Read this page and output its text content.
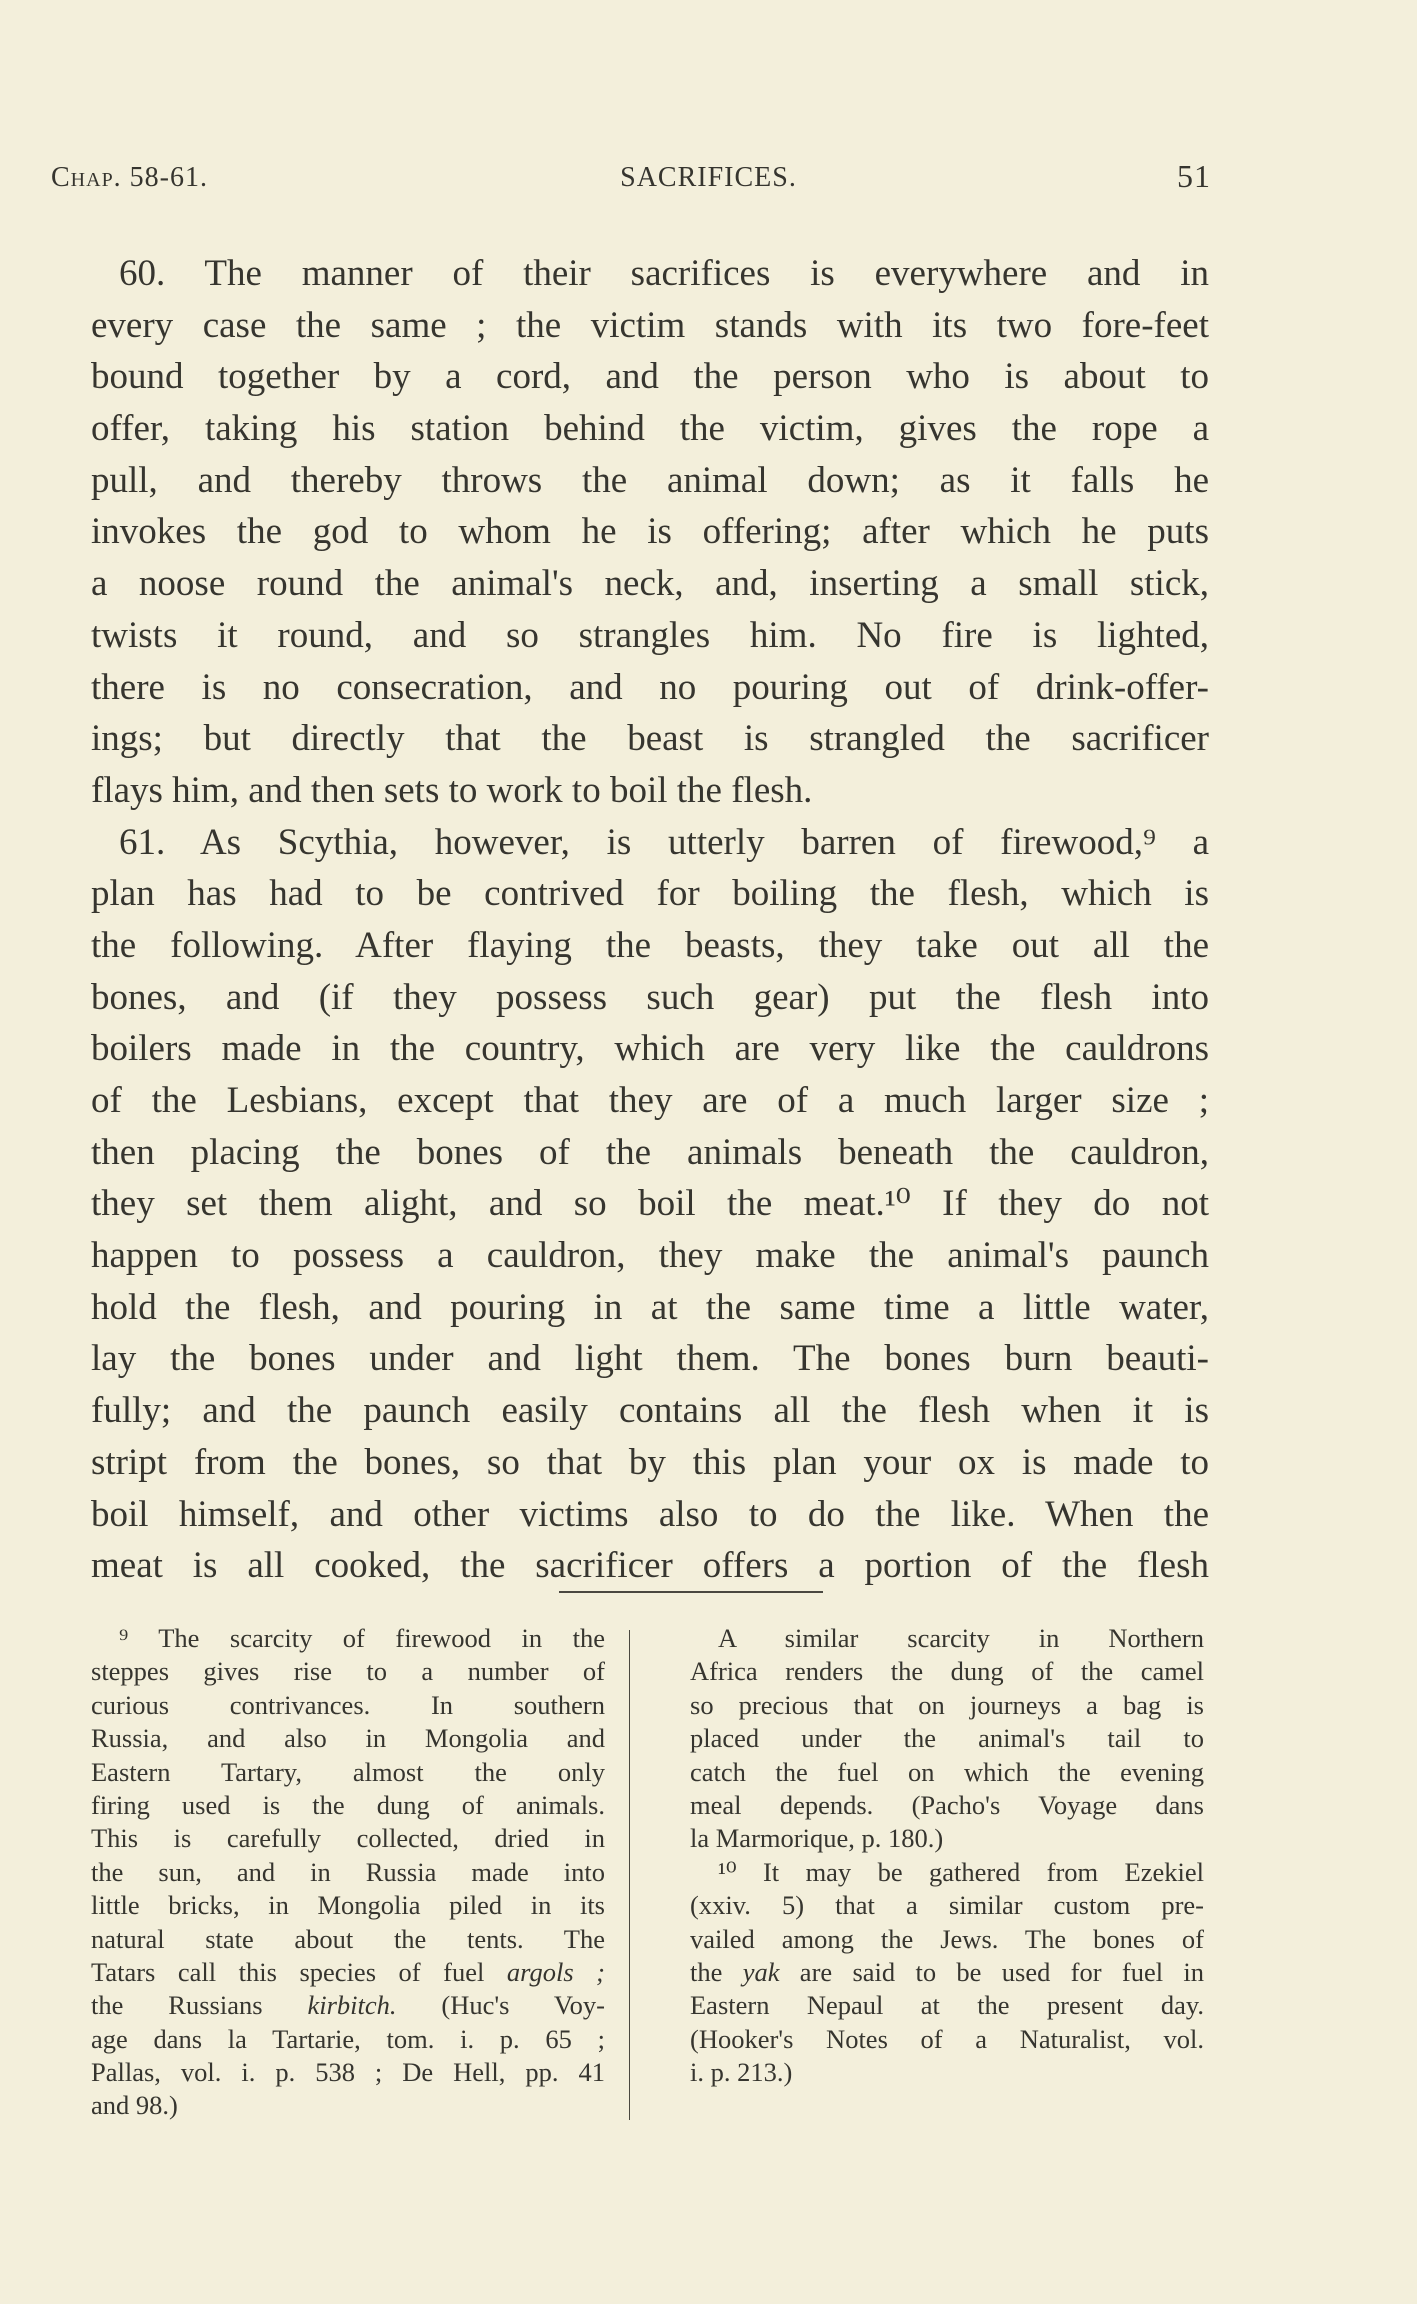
Chap. 58-61.	SACRIFICES.	51
60. The manner of their sacrifices is everywhere and in
every case the same ; the victim stands with its two fore-feet
bound together by a cord, and the person who is about to
offer, taking his station behind the victim, gives the rope a
pull, and thereby throws the animal down; as it falls he
invokes the god to whom he is offering; after which he puts
a noose round the animal's neck, and, inserting a small stick,
twists it round, and so strangles him. No fire is lighted,
there is no consecration, and no pouring out of drink-offer-
ings; but directly that the beast is strangled the sacrificer
flays him, and then sets to work to boil the flesh.
61. As Scythia, however, is utterly barren of firewood,⁹ a
plan has had to be contrived for boiling the flesh, which is
the following. After flaying the beasts, they take out all the
bones, and (if they possess such gear) put the flesh into
boilers made in the country, which are very like the cauldrons
of the Lesbians, except that they are of a much larger size ;
then placing the bones of the animals beneath the cauldron,
they set them alight, and so boil the meat.¹⁰ If they do not
happen to possess a cauldron, they make the animal's paunch
hold the flesh, and pouring in at the same time a little water,
lay the bones under and light them. The bones burn beauti-
fully; and the paunch easily contains all the flesh when it is
stript from the bones, so that by this plan your ox is made to
boil himself, and other victims also to do the like. When the
meat is all cooked, the sacrificer offers a portion of the flesh
⁹ The scarcity of firewood in the
steppes gives rise to a number of
curious contrivances. In southern
Russia, and also in Mongolia and
Eastern Tartary, almost the only
firing used is the dung of animals.
This is carefully collected, dried in
the sun, and in Russia made into
little bricks, in Mongolia piled in its
natural state about the tents. The
Tatars call this species of fuel argols ;
the Russians kirbitch. (Huc's Voy-
age dans la Tartarie, tom. i. p. 65 ;
Pallas, vol. i. p. 538 ; De Hell, pp. 41
and 98.)
A similar scarcity in Northern
Africa renders the dung of the camel
so precious that on journeys a bag is
placed under the animal's tail to
catch the fuel on which the evening
meal depends. (Pacho's Voyage dans
la Marmorique, p. 180.)
¹⁰ It may be gathered from Ezekiel
(xxiv. 5) that a similar custom pre-
vailed among the Jews. The bones of
the yak are said to be used for fuel in
Eastern Nepaul at the present day.
(Hooker's Notes of a Naturalist, vol.
i. p. 213.)
